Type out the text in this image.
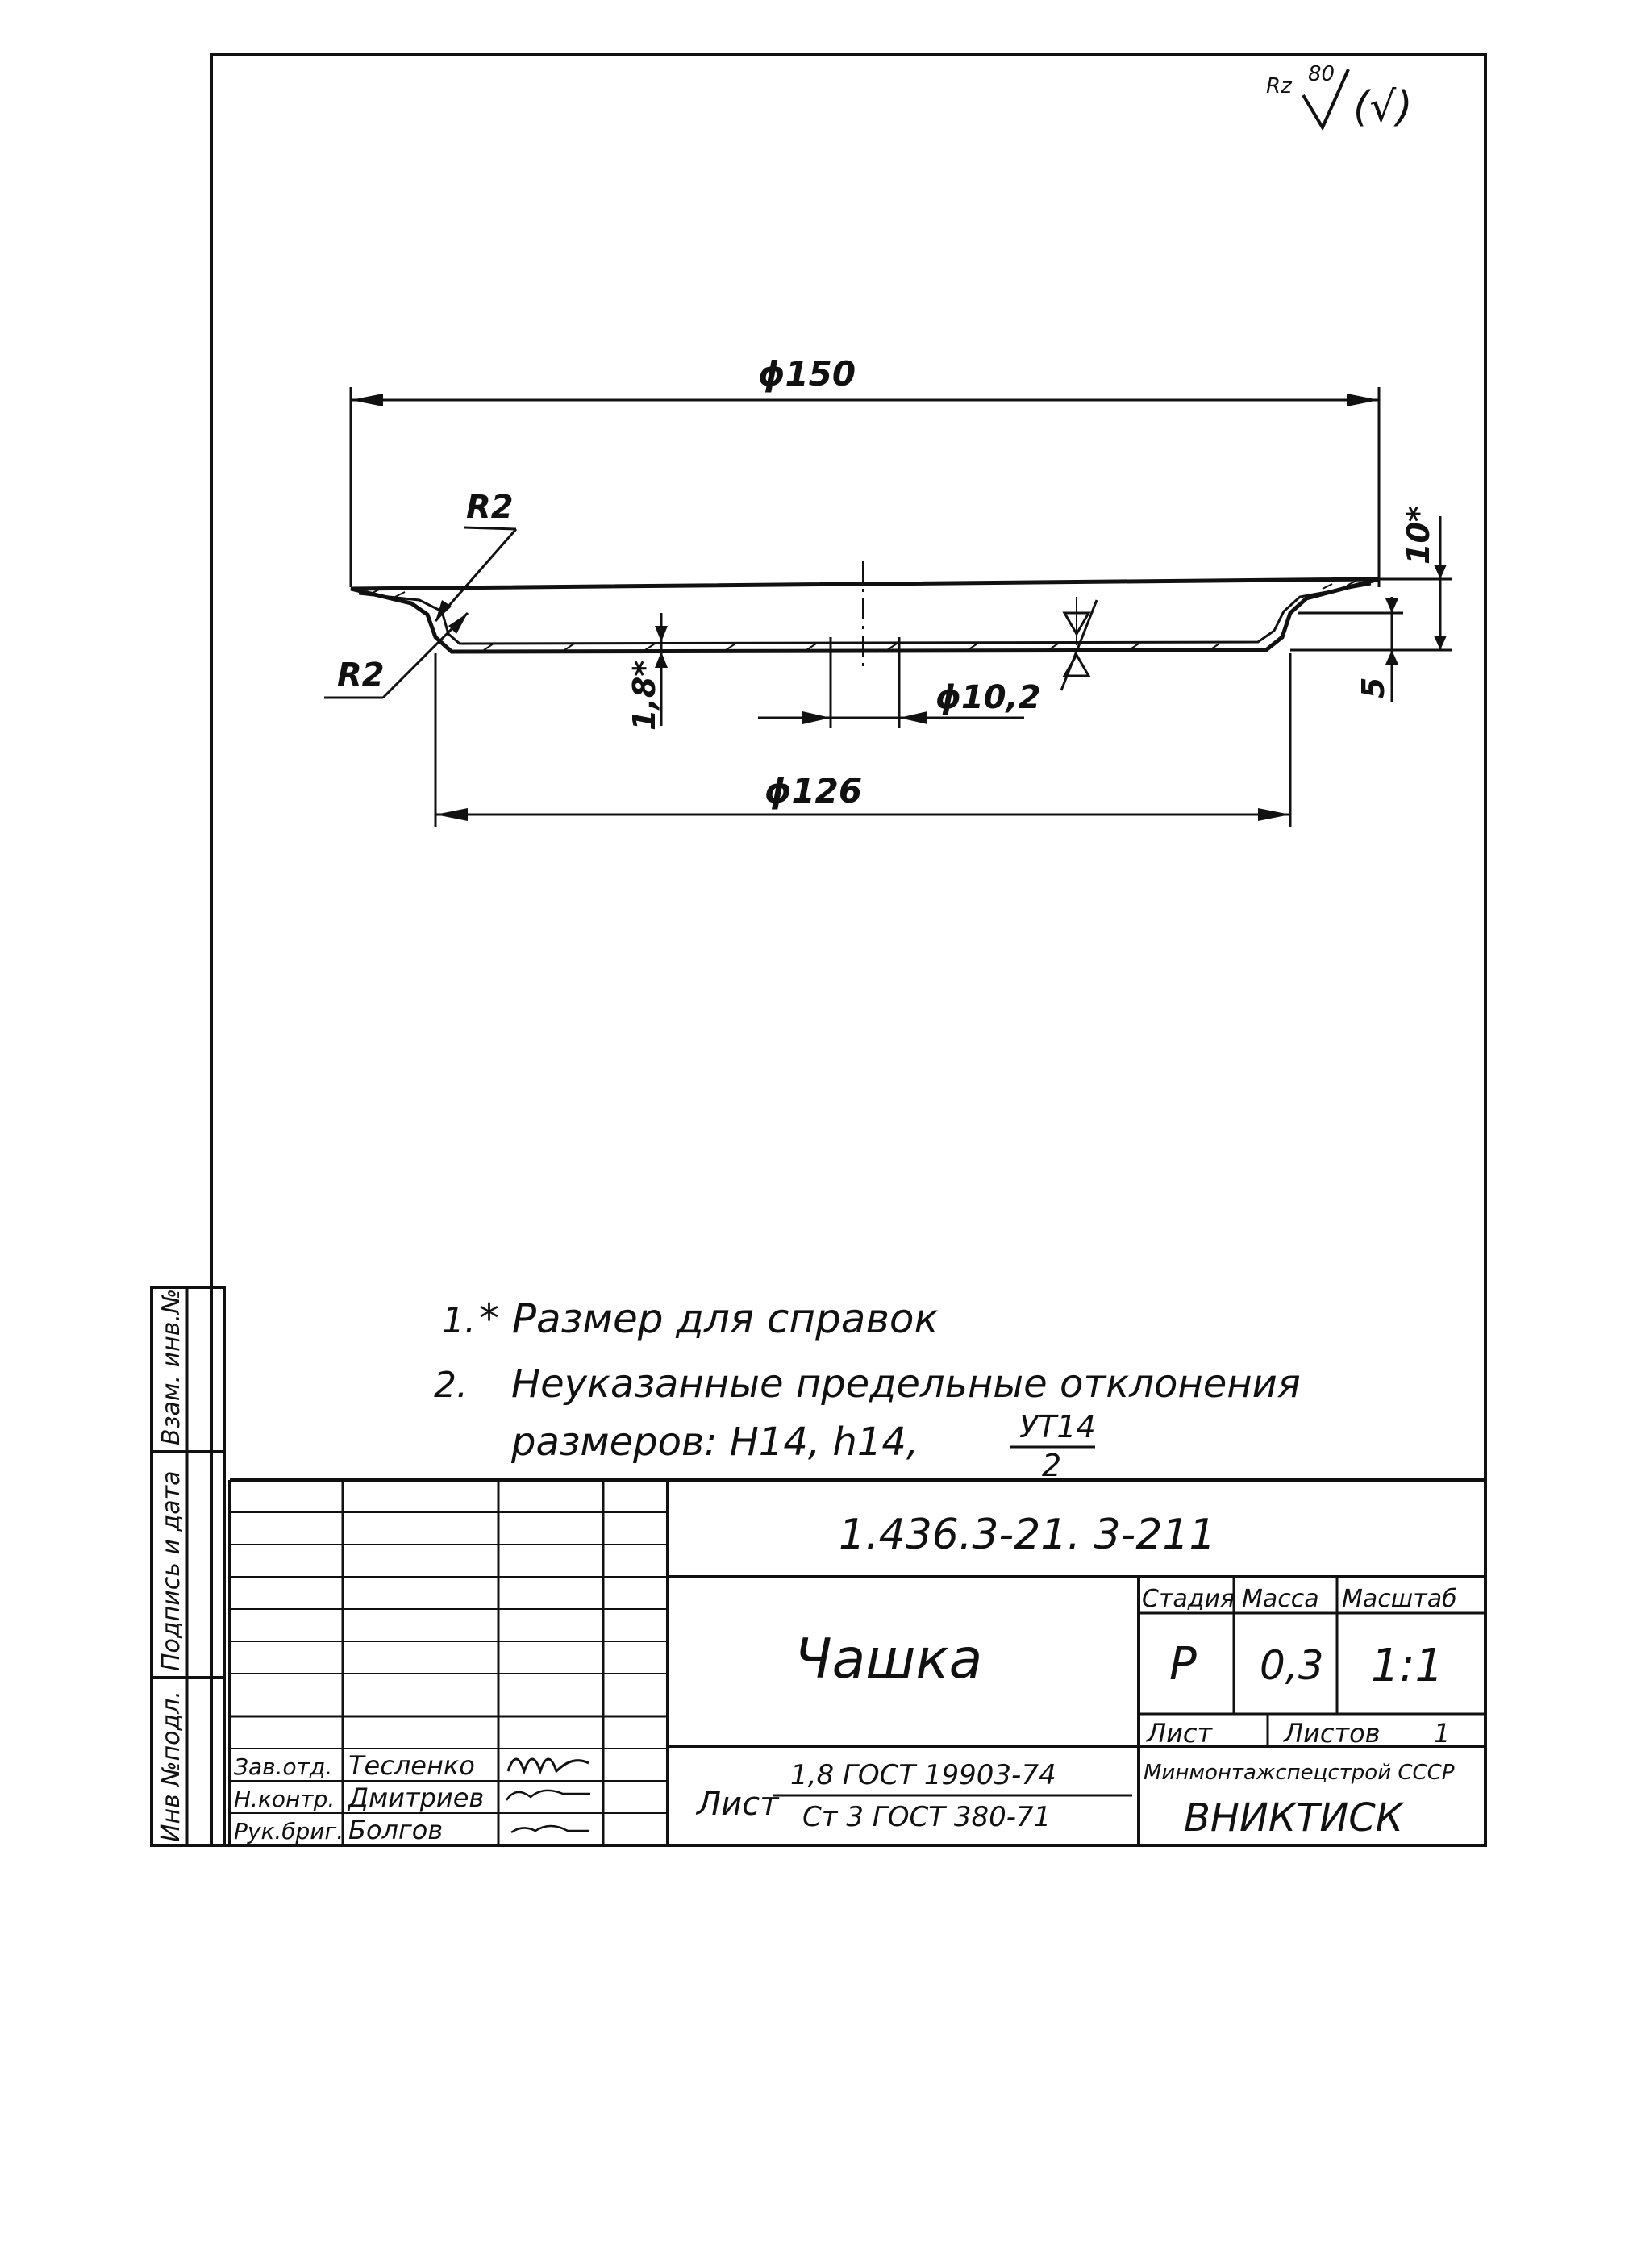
Rz 80
(√)
ϕ150
R2
R2	1,8*	ϕ10,2
ϕ126
10*
5
1. * Размер для справок
2. Неуказанные предельные отклонения
размеров: H14, h14,	УТ14
2
Инв №подл.
Подпись и дата
Взам. инв.№
Зав.отд. Тесленко
Н.контр. Дмитриев
Рук.бриг. Болгов
1.436.3-21. 3-211
Чашка
Стадия Масса Масштаб
Р 0,3 1:1
Лист	Листов 1
Лист
1,8 ГОСТ 19903-74
Ст 3 ГОСТ 380-71
Минмонтажспецстрой СССР
ВНИКТИСК
